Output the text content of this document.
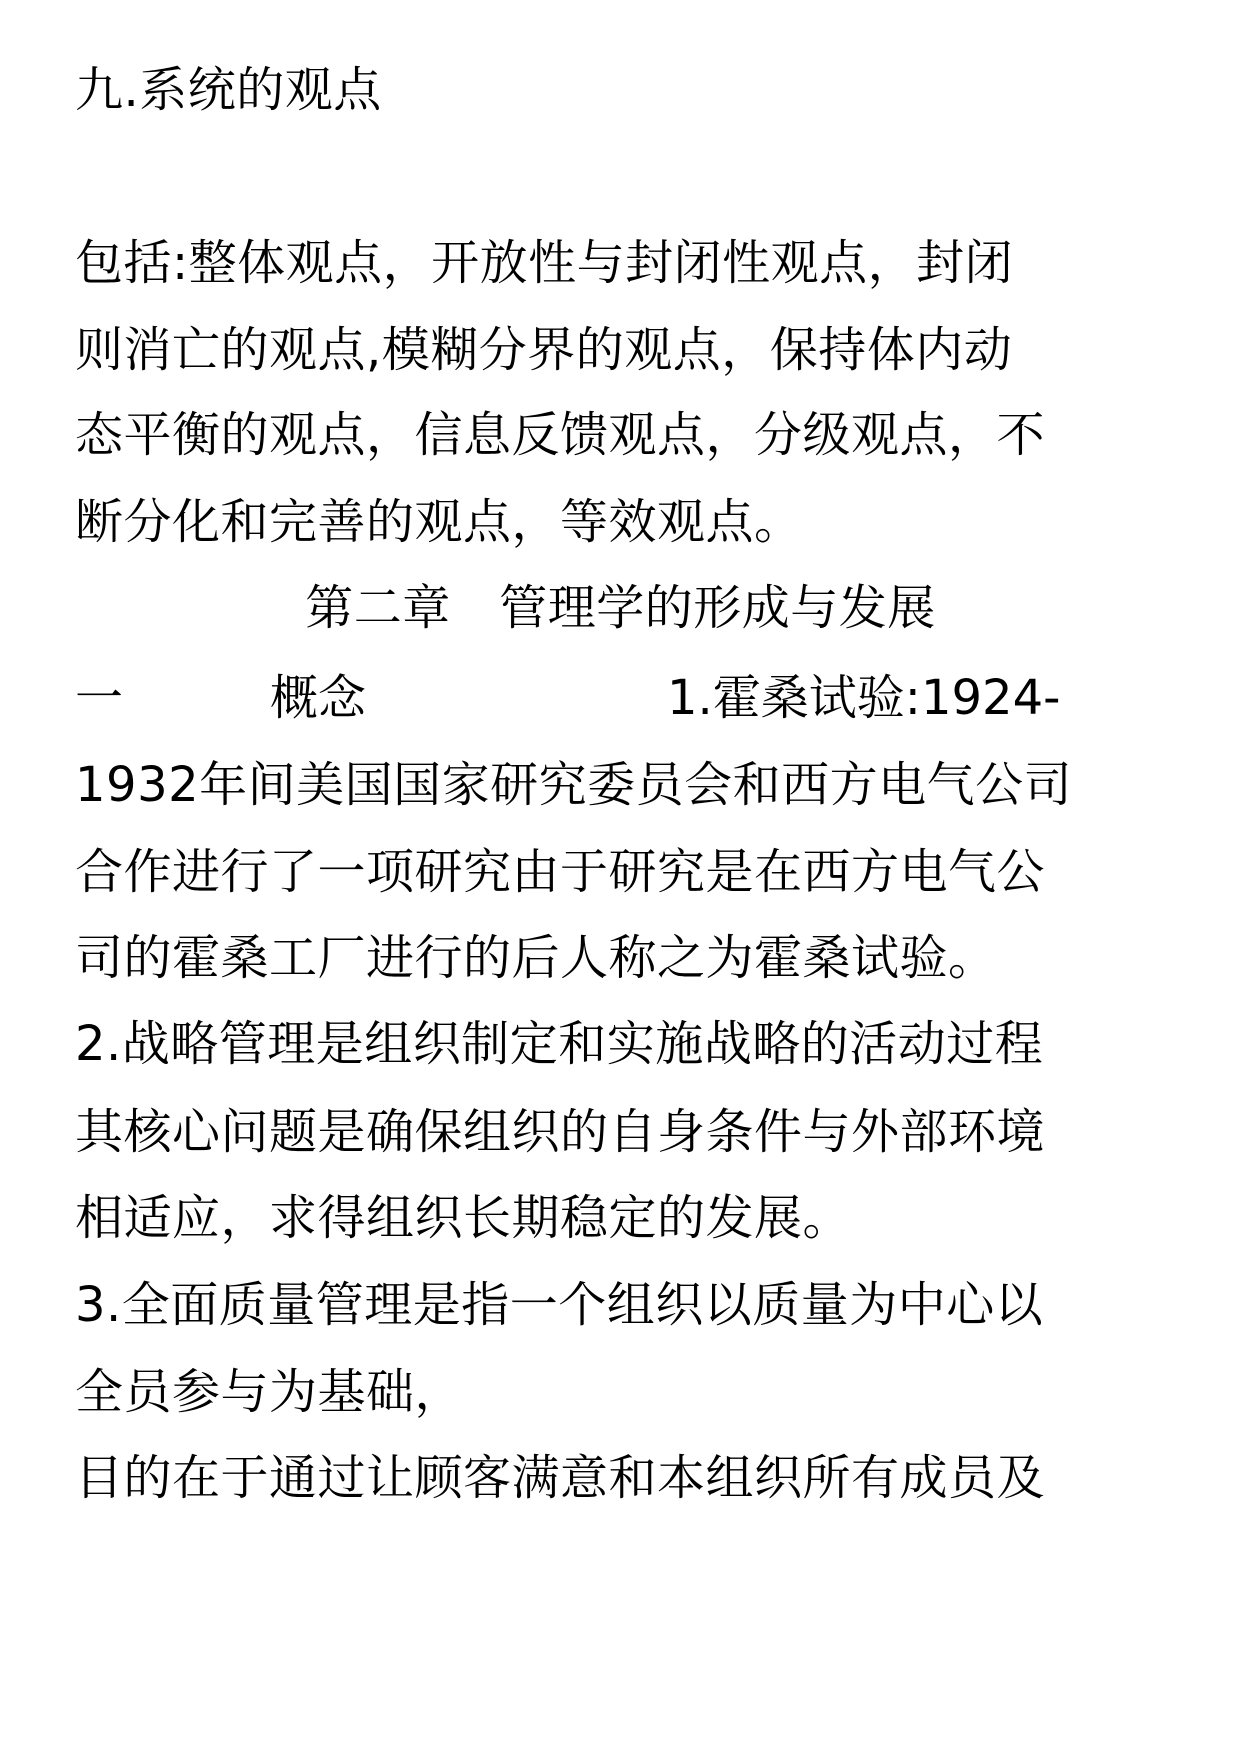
九.系统的观点
包括:整体观点，开放性与封闭性观点，封闭
则消亡的观点,模糊分界的观点，保持体内动
态平衡的观点，信息反馈观点，分级观点，不
断分化和完善的观点，等效观点。
第二章　管理学的形成与发展
一	概念	1.霍桑试验:1924-
1932年间美国国家研究委员会和西方电气公司
合作进行了一项研究由于研究是在西方电气公
司的霍桑工厂进行的后人称之为霍桑试验。
2.战略管理是组织制定和实施战略的活动过程
其核心问题是确保组织的自身条件与外部环境
相适应，求得组织长期稳定的发展。
3.全面质量管理是指一个组织以质量为中心以
全员参与为基础，
目的在于通过让顾客满意和本组织所有成员及
